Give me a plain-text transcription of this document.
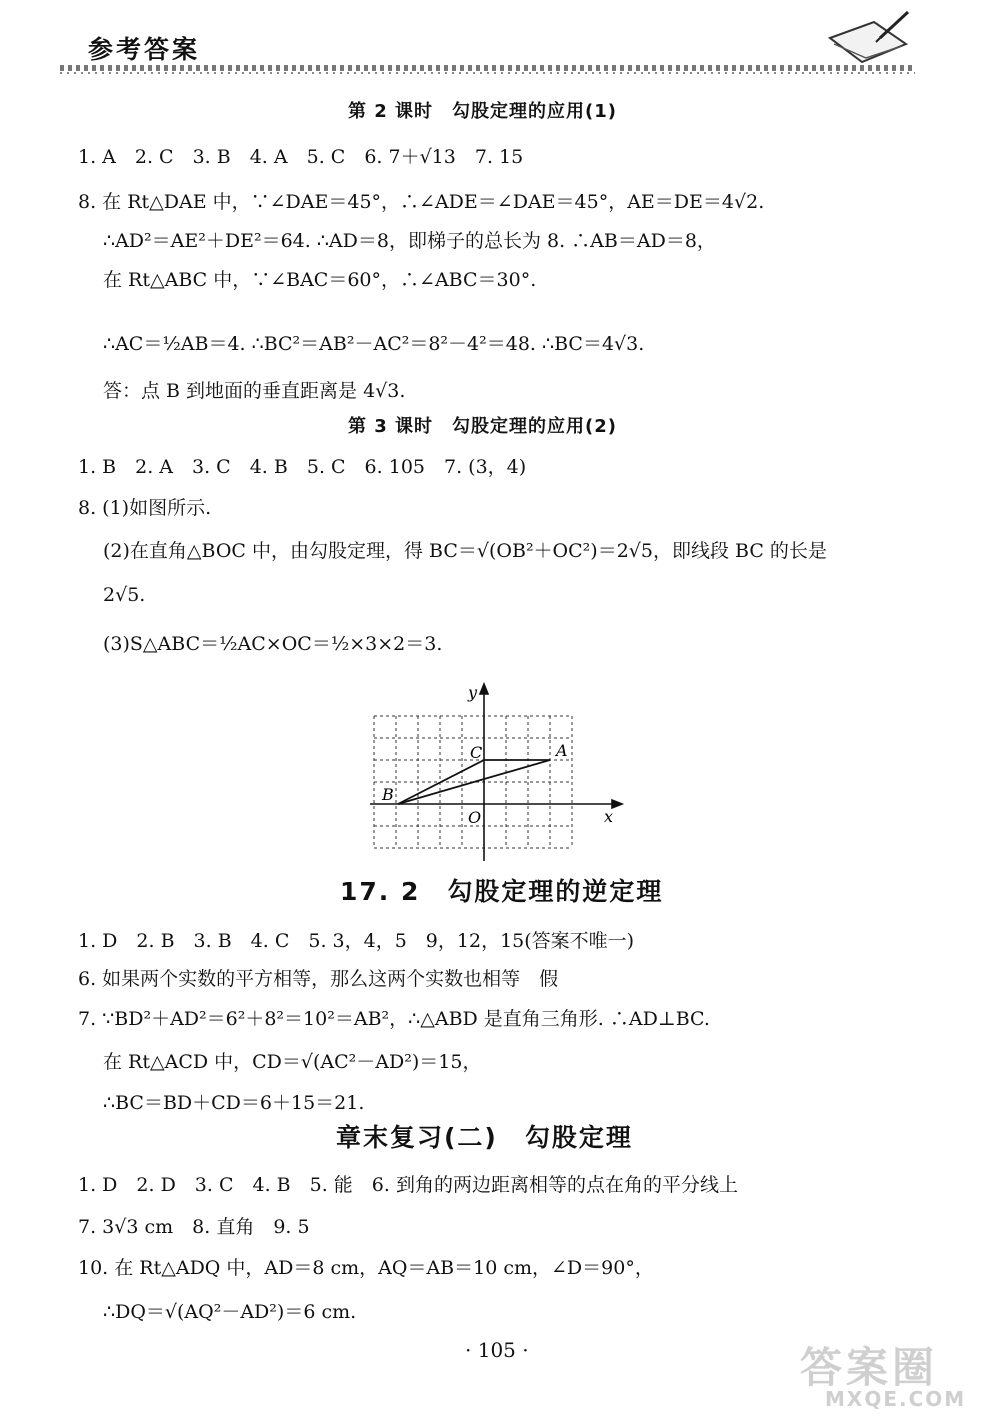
参考答案
第 2 课时　勾股定理的应用(1)
1. A　2. C　3. B　4. A　5. C　6. 7＋√13　7. 15
8. 在 Rt△DAE 中，∵∠DAE＝45°，∴∠ADE＝∠DAE＝45°，AE＝DE＝4√2.
∴AD²＝AE²＋DE²＝64. ∴AD＝8，即梯子的总长为 8. ∴AB＝AD＝8，
在 Rt△ABC 中，∵∠BAC＝60°，∴∠ABC＝30°.
∴AC＝½AB＝4. ∴BC²＝AB²－AC²＝8²－4²＝48. ∴BC＝4√3.
答：点 B 到地面的垂直距离是 4√3.
第 3 课时　勾股定理的应用(2)
1. B　2. A　3. C　4. B　5. C　6. 105　7. (3，4)
8. (1)如图所示.
(2)在直角△BOC 中，由勾股定理，得 BC＝√(OB²＋OC²)＝2√5，即线段 BC 的长是
2√5.
(3)S△ABC＝½AC×OC＝½×3×2＝3.
y
x
O
A
B
C
17. 2　勾股定理的逆定理
1. D　2. B　3. B　4. C　5. 3，4，5　9，12，15(答案不唯一)
6. 如果两个实数的平方相等，那么这两个实数也相等　假
7. ∵BD²＋AD²＝6²＋8²＝10²＝AB²，∴△ABD 是直角三角形. ∴AD⊥BC.
在 Rt△ACD 中，CD＝√(AC²－AD²)＝15，
∴BC＝BD＋CD＝6＋15＝21.
章末复习(二)　勾股定理
1. D　2. D　3. C　4. B　5. 能　6. 到角的两边距离相等的点在角的平分线上
7. 3√3 cm　8. 直角　9. 5
10. 在 Rt△ADQ 中，AD＝8 cm，AQ＝AB＝10 cm，∠D＝90°，
∴DQ＝√(AQ²－AD²)＝6 cm.
· 105 ·	答案圈
MXQE.COM
